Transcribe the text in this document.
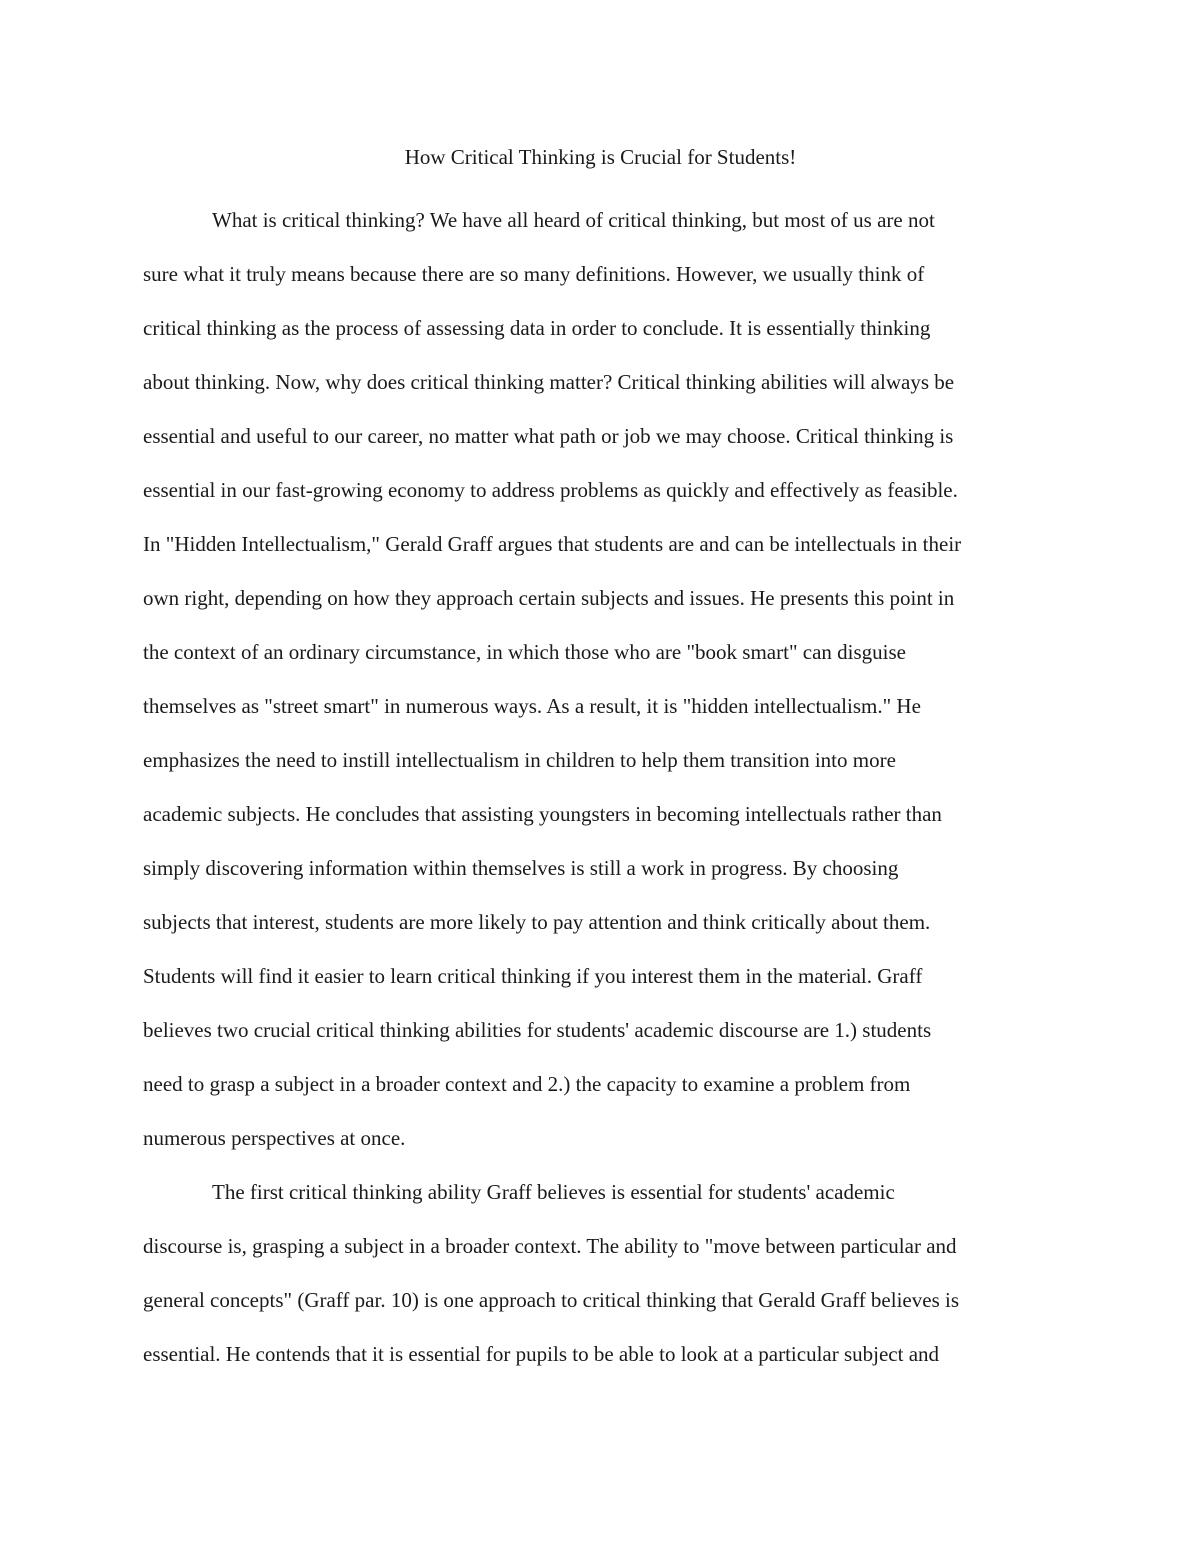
How Critical Thinking is Crucial for Students!
What is critical thinking? We have all heard of critical thinking, but most of us are not
sure what it truly means because there are so many definitions. However, we usually think of
critical thinking as the process of assessing data in order to conclude. It is essentially thinking
about thinking. Now, why does critical thinking matter? Critical thinking abilities will always be
essential and useful to our career, no matter what path or job we may choose. Critical thinking is
essential in our fast-growing economy to address problems as quickly and effectively as feasible.
In "Hidden Intellectualism," Gerald Graff argues that students are and can be intellectuals in their
own right, depending on how they approach certain subjects and issues. He presents this point in
the context of an ordinary circumstance, in which those who are "book smart" can disguise
themselves as "street smart" in numerous ways. As a result, it is "hidden intellectualism." He
emphasizes the need to instill intellectualism in children to help them transition into more
academic subjects. He concludes that assisting youngsters in becoming intellectuals rather than
simply discovering information within themselves is still a work in progress. By choosing
subjects that interest, students are more likely to pay attention and think critically about them.
Students will find it easier to learn critical thinking if you interest them in the material. Graff
believes two crucial critical thinking abilities for students' academic discourse are 1.) students
need to grasp a subject in a broader context and 2.) the capacity to examine a problem from
numerous perspectives at once.
The first critical thinking ability Graff believes is essential for students' academic
discourse is, grasping a subject in a broader context. The ability to "move between particular and
general concepts" (Graff par. 10) is one approach to critical thinking that Gerald Graff believes is
essential. He contends that it is essential for pupils to be able to look at a particular subject and
